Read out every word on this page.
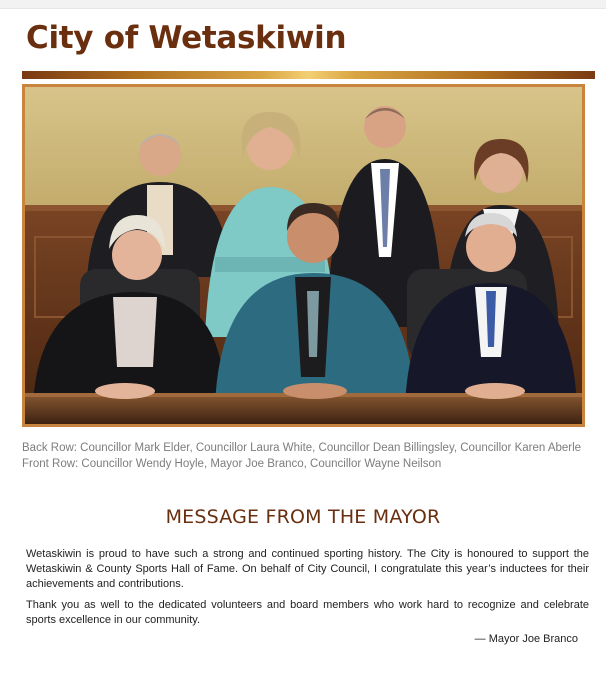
City of Wetaskiwin
Back Row: Councillor Mark Elder, Councillor Laura White, Councillor Dean Billingsley, Councillor Karen Aberle
Front Row: Councillor Wendy Hoyle, Mayor Joe Branco, Councillor Wayne Neilson
MESSAGE FROM THE MAYOR

Wetaskiwin is proud to have such a strong and continued sporting history. The City is honoured to support the Wetaskiwin & County Sports Hall of Fame. On behalf of City Council, I congratulate this year’s inductees for their achievements and contributions.

Thank you as well to the dedicated volunteers and board members who work hard to recognize and celebrate sports excellence in our community.

— Mayor Joe Branco
